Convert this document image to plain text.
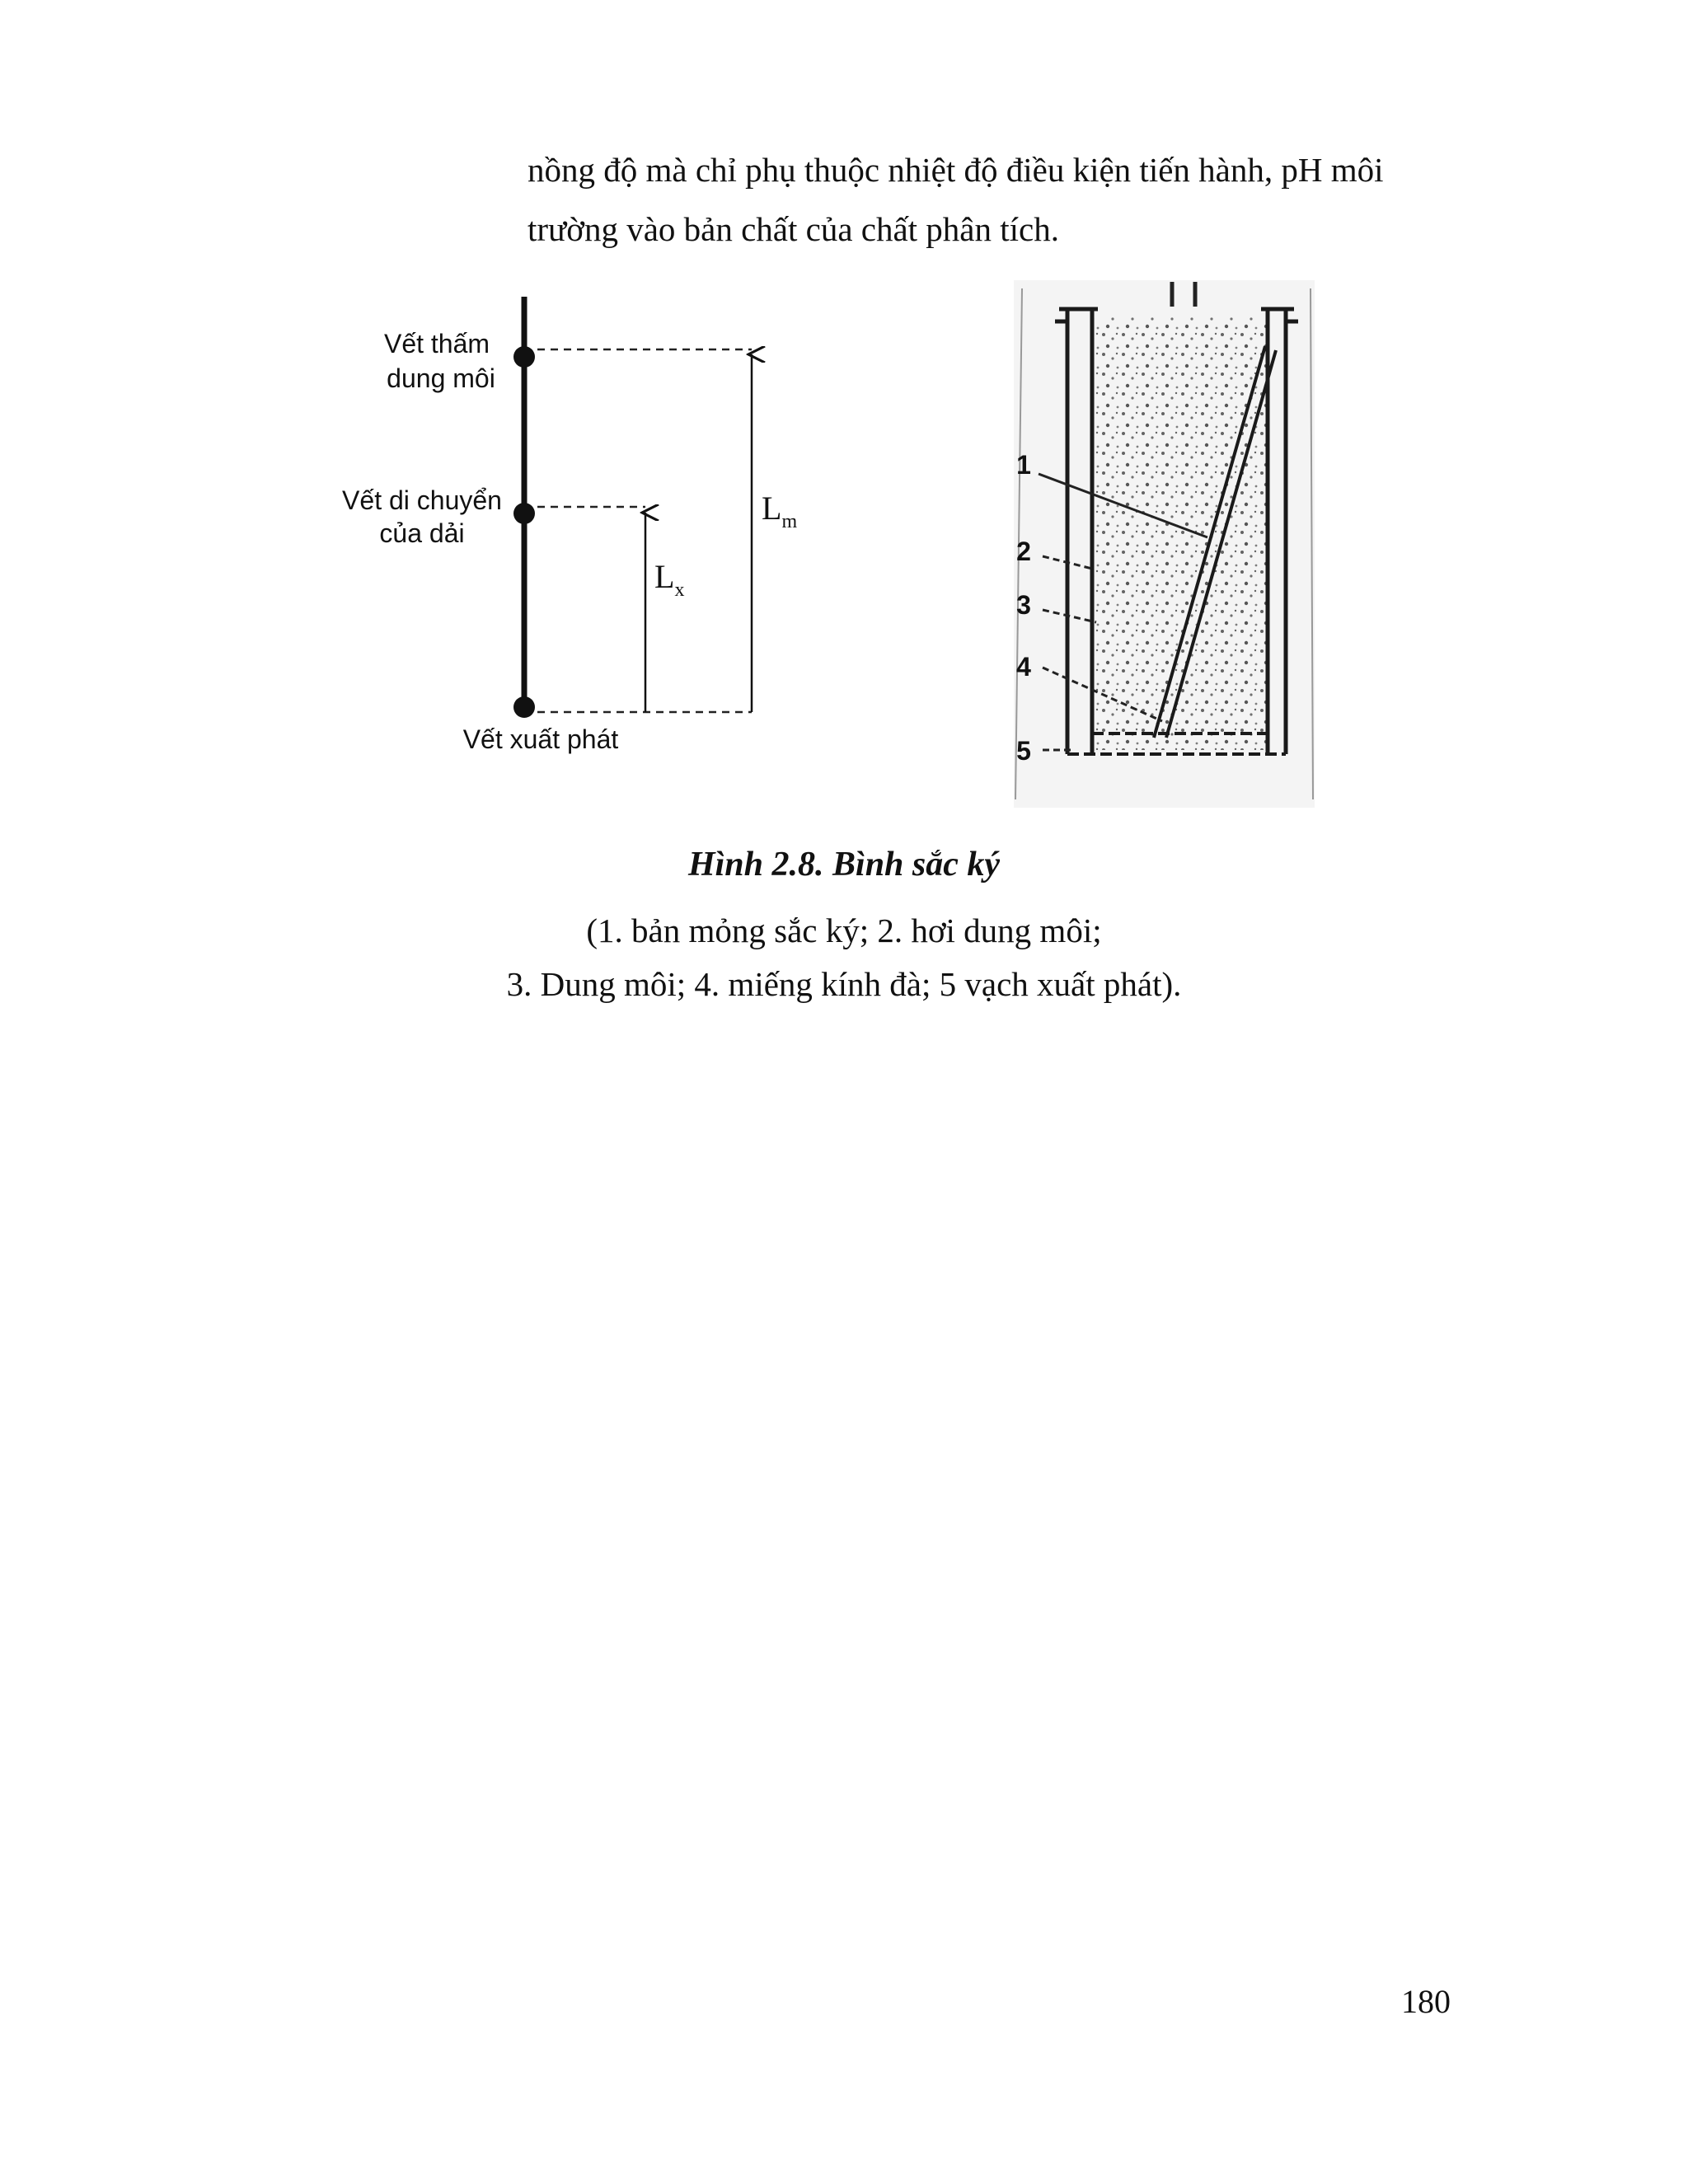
nồng độ mà chỉ phụ thuộc nhiệt độ điều kiện tiến hành, pH môi
trường vào bản chất của chất phân tích.

Vết thấm
dung môi
Vết di chuyển
của dải
Vết xuất phát
$L_m$
$L_x$
1
2
3
4
5

Hình 2.8. Bình sắc ký

(1. bản mỏng sắc ký; 2. hơi dung môi;

3. Dung môi; 4. miếng kính đà; 5 vạch xuất phát).

180
